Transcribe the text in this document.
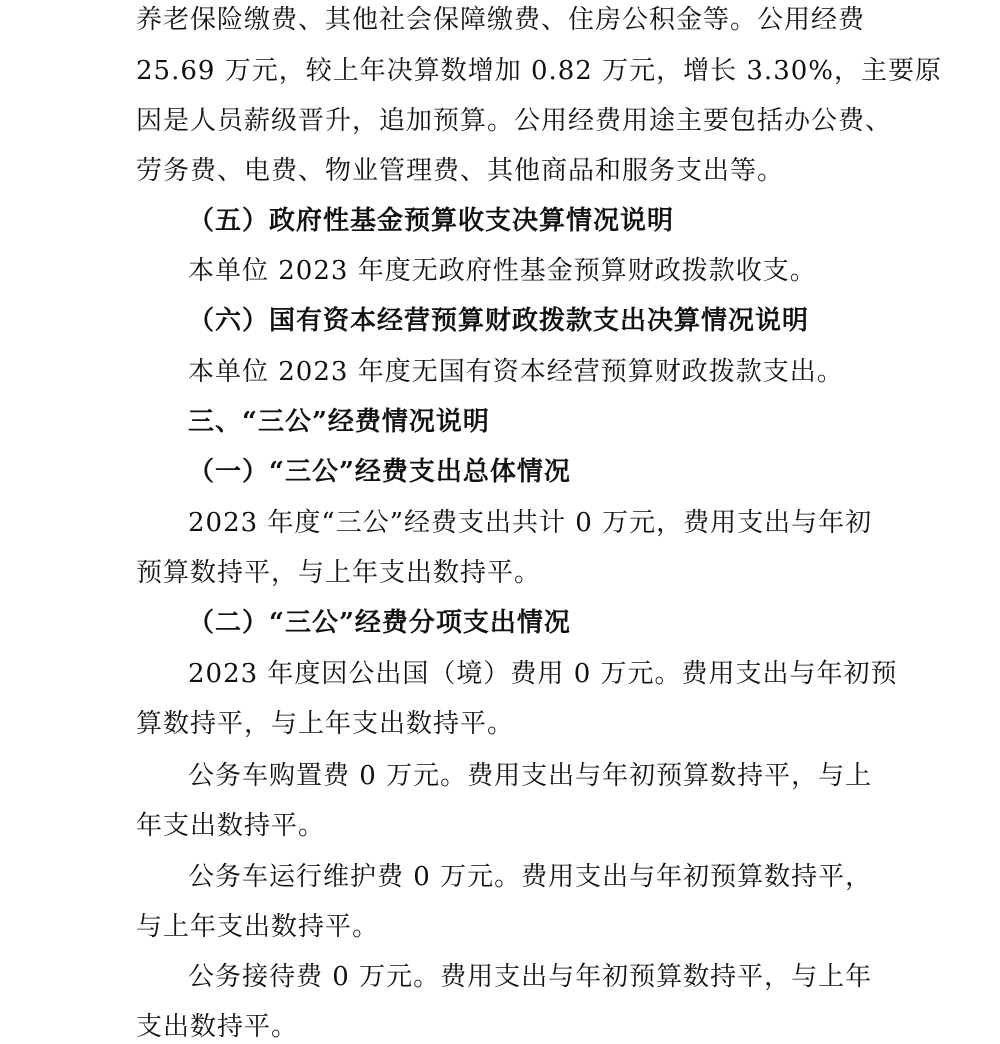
养老保险缴费、其他社会保障缴费、住房公积金等。公用经费
25.69 万元，较上年决算数增加 0.82 万元，增长 3.30%，主要原
因是人员薪级晋升，追加预算。公用经费用途主要包括办公费、
劳务费、电费、物业管理费、其他商品和服务支出等。
（五）政府性基金预算收支决算情况说明
本单位 2023 年度无政府性基金预算财政拨款收支。
（六）国有资本经营预算财政拨款支出决算情况说明
本单位 2023 年度无国有资本经营预算财政拨款支出。
三、“三公”经费情况说明
（一）“三公”经费支出总体情况
2023 年度“三公”经费支出共计 0 万元，费用支出与年初
预算数持平，与上年支出数持平。
（二）“三公”经费分项支出情况
2023 年度因公出国（境）费用 0 万元。费用支出与年初预
算数持平，与上年支出数持平。
公务车购置费 0 万元。费用支出与年初预算数持平，与上
年支出数持平。
公务车运行维护费 0 万元。费用支出与年初预算数持平，
与上年支出数持平。
公务接待费 0 万元。费用支出与年初预算数持平，与上年
支出数持平。
